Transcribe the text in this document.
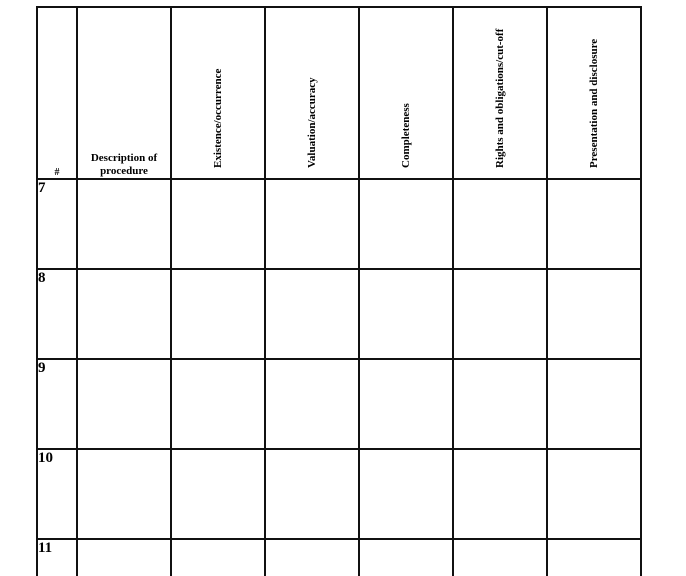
#	Description of procedure	Existence/occurrence	Valuation/accuracy	Completeness	Rights and obligations/cut-off	Presentation and disclosure

7						
8						
9						
10						
11						
